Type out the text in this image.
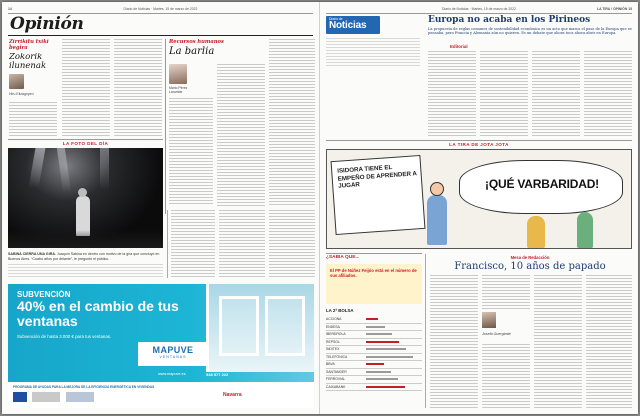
14	Diario de Noticias · Martes, 15 de marzo de 2022
Opinión
Zirrikitu txiki begira
Zokorik ilunenak
Hiru Elizagoyen
Recursos humanos
La barlia
Mario Pérez Larumbe
LA FOTO DEL DÍA
SABINA CIERRA UNA GIRA. Joaquín Sabina en dentro con motivo de la gira que concluyó en Buenos Aires. “Cuatro años por delante”, le preguntó el público.
SUBVENCIÓN
40% en el cambio de tus ventanas
Subvención de hasta 3.000 € para tus ventanas.
MAPUVE
VENTANAS
www.mapuve.es	948 577 222
PROGRAMA DE AYUDAS PARA LA MEJORA DE LA EFICIENCIA ENERGÉTICA EN VIVIENDAS
Navarra
Diario de Noticias · Martes, 15 de marzo de 2022	LA TIRA / OPINIÓN 15
Diario de
Noticias
Editorial
Europa no acaba en los Pirineos
La propuesta de reglas comunes de sostenibilidad económica es un acto que marca el paso de la Europa que se pensaba, pero Francia y Alemania aún no quieren. Es un debate que ahora toca ahora abrir en Europa.
LA TIRA DE JOTA JOTA
ISIDORA TIENE EL EMPEÑO DE APRENDER A JUGAR	¡QUÉ VARBARIDAD!
¿SABÍA QUE...
El PP de Núñez Feijóo está en el número de sus afiliados.
LA 2ª BOLSA
ACCIONA
ENDESA
IBERDROLA
REPSOL
INDITEX
TELEFÓNICA
BBVA
SANTANDER
FERROVIAL
CAIXABANK
Mesa de Redacción
Francisco, 10 años de papado
Josefa Guergtrate
